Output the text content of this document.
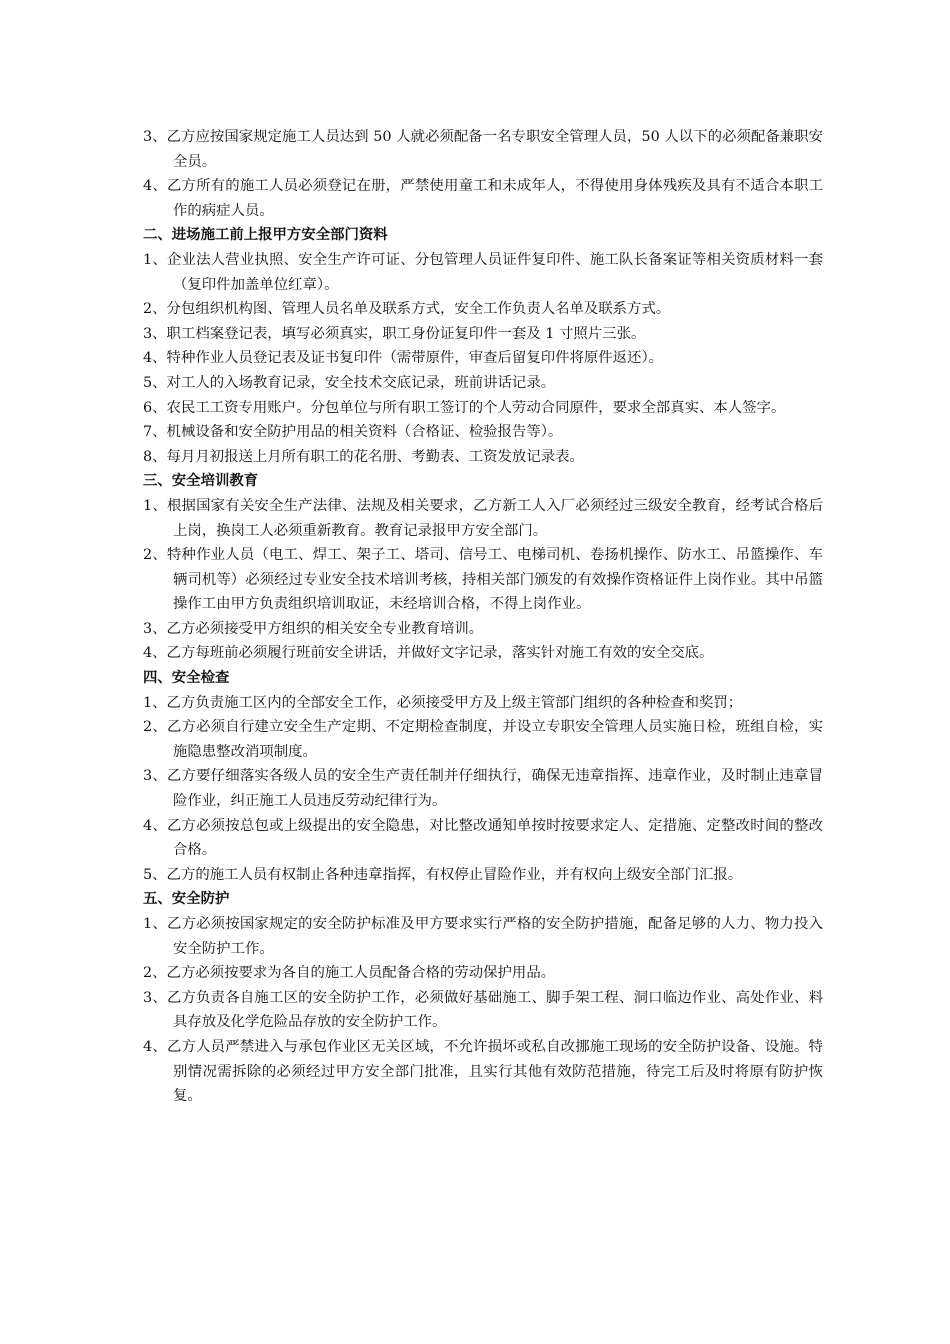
3、乙方应按国家规定施工人员达到 50 人就必须配备一名专职安全管理人员，50 人以下的必须配备兼职安全员。

4、乙方所有的施工人员必须登记在册，严禁使用童工和未成年人，不得使用身体残疾及具有不适合本职工作的病症人员。

二、进场施工前上报甲方安全部门资料

1、企业法人营业执照、安全生产许可证、分包管理人员证件复印件、施工队长备案证等相关资质材料一套（复印件加盖单位红章）。

2、分包组织机构图、管理人员名单及联系方式，安全工作负责人名单及联系方式。

3、职工档案登记表，填写必须真实，职工身份证复印件一套及 1 寸照片三张。

4、特种作业人员登记表及证书复印件（需带原件，审查后留复印件将原件返还）。

5、对工人的入场教育记录，安全技术交底记录，班前讲话记录。

6、农民工工资专用账户。分包单位与所有职工签订的个人劳动合同原件，要求全部真实、本人签字。

7、机械设备和安全防护用品的相关资料（合格证、检验报告等）。

8、每月月初报送上月所有职工的花名册、考勤表、工资发放记录表。

三、安全培训教育

1、根据国家有关安全生产法律、法规及相关要求，乙方新工人入厂必须经过三级安全教育，经考试合格后上岗，换岗工人必须重新教育。教育记录报甲方安全部门。

2、特种作业人员（电工、焊工、架子工、塔司、信号工、电梯司机、卷扬机操作、防水工、吊篮操作、车辆司机等）必须经过专业安全技术培训考核，持相关部门颁发的有效操作资格证件上岗作业。其中吊篮操作工由甲方负责组织培训取证，未经培训合格，不得上岗作业。

3、乙方必须接受甲方组织的相关安全专业教育培训。

4、乙方每班前必须履行班前安全讲话，并做好文字记录，落实针对施工有效的安全交底。

四、安全检查

1、乙方负责施工区内的全部安全工作，必须接受甲方及上级主管部门组织的各种检查和奖罚；

2、乙方必须自行建立安全生产定期、不定期检查制度，并设立专职安全管理人员实施日检，班组自检，实施隐患整改消项制度。

3、乙方要仔细落实各级人员的安全生产责任制并仔细执行，确保无违章指挥、违章作业，及时制止违章冒险作业，纠正施工人员违反劳动纪律行为。

4、乙方必须按总包或上级提出的安全隐患，对比整改通知单按时按要求定人、定措施、定整改时间的整改合格。

5、乙方的施工人员有权制止各种违章指挥，有权停止冒险作业，并有权向上级安全部门汇报。

五、安全防护

1、乙方必须按国家规定的安全防护标准及甲方要求实行严格的安全防护措施，配备足够的人力、物力投入安全防护工作。

2、乙方必须按要求为各自的施工人员配备合格的劳动保护用品。

3、乙方负责各自施工区的安全防护工作，必须做好基础施工、脚手架工程、洞口临边作业、高处作业、料具存放及化学危险品存放的安全防护工作。

4、乙方人员严禁进入与承包作业区无关区域，不允许损坏或私自改挪施工现场的安全防护设备、设施。特别情况需拆除的必须经过甲方安全部门批准，且实行其他有效防范措施，待完工后及时将原有防护恢复。
